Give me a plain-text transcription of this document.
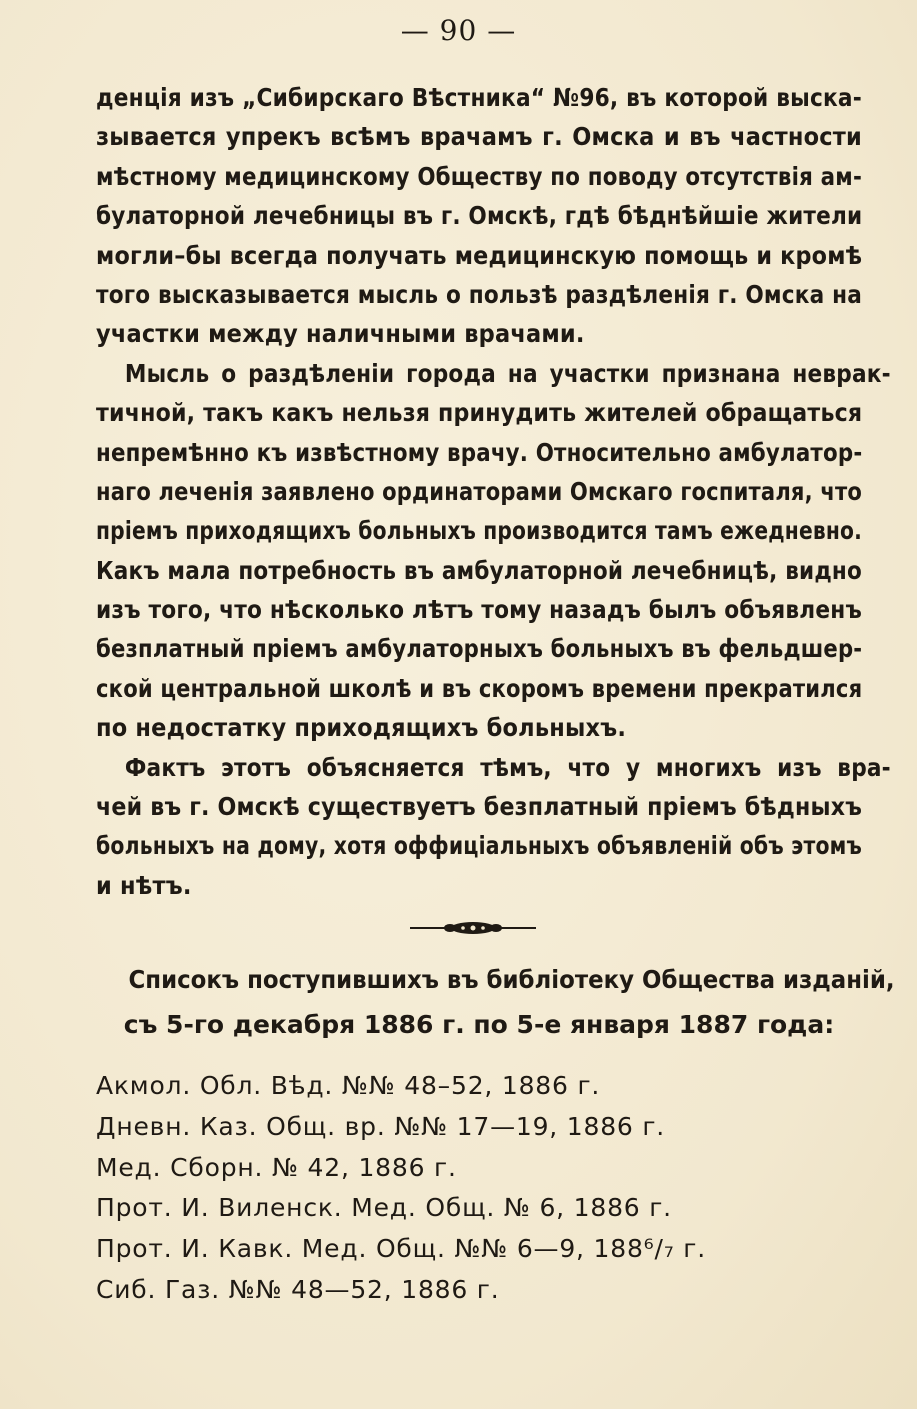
— 90 —
денція изъ „Сибирскаго Вѣстника“ №96, въ которой выска-
зывается упрекъ всѣмъ врачамъ г. Омска и въ частности
мѣстному медицинскому Обществу по поводу отсутствія ам-
булаторной лечебницы въ г. Омскѣ, гдѣ бѣднѣйшіе жители
могли–бы всегда получать медицинскую помощь и кромѣ
того высказывается мысль о пользѣ раздѣленія г. Омска на
участки между наличными врачами.
Мысль о раздѣленіи города на участки признана неврак-
тичной, такъ какъ нельзя принудить жителей обращаться
непремѣнно къ извѣстному врачу. Относительно амбулатор-
наго леченія заявлено ординаторами Омскаго госпиталя, что
пріемъ приходящихъ больныхъ производится тамъ ежедневно.
Какъ мала потребность въ амбулаторной лечебницѣ, видно
изъ того, что нѣсколько лѣтъ тому назадъ былъ объявленъ
безплатный пріемъ амбулаторныхъ больныхъ въ фельдшер-
ской центральной школѣ и въ скоромъ времени прекратился
по недостатку приходящихъ больныхъ.
Фактъ этотъ объясняется тѣмъ, что у многихъ изъ вра-
чей въ г. Омскѣ существуетъ безплатный пріемъ бѣдныхъ
больныхъ на дому, хотя оффиціальныхъ объявленій объ этомъ
и нѣтъ.
Списокъ поступившихъ въ библіотеку Общества изданій,
съ 5-го декабря 1886 г. по 5-е января 1887 года:
Акмол. Обл. Вѣд. №№ 48–52, 1886 г.
Дневн. Каз. Общ. вр. №№ 17—19, 1886 г.
Мед. Сборн. № 42, 1886 г.
Прот. И. Виленск. Мед. Общ. № 6, 1886 г.
Прот. И. Кавк. Мед. Общ. №№ 6—9, 188⁶/₇ г.
Сиб. Газ. №№ 48—52, 1886 г.
